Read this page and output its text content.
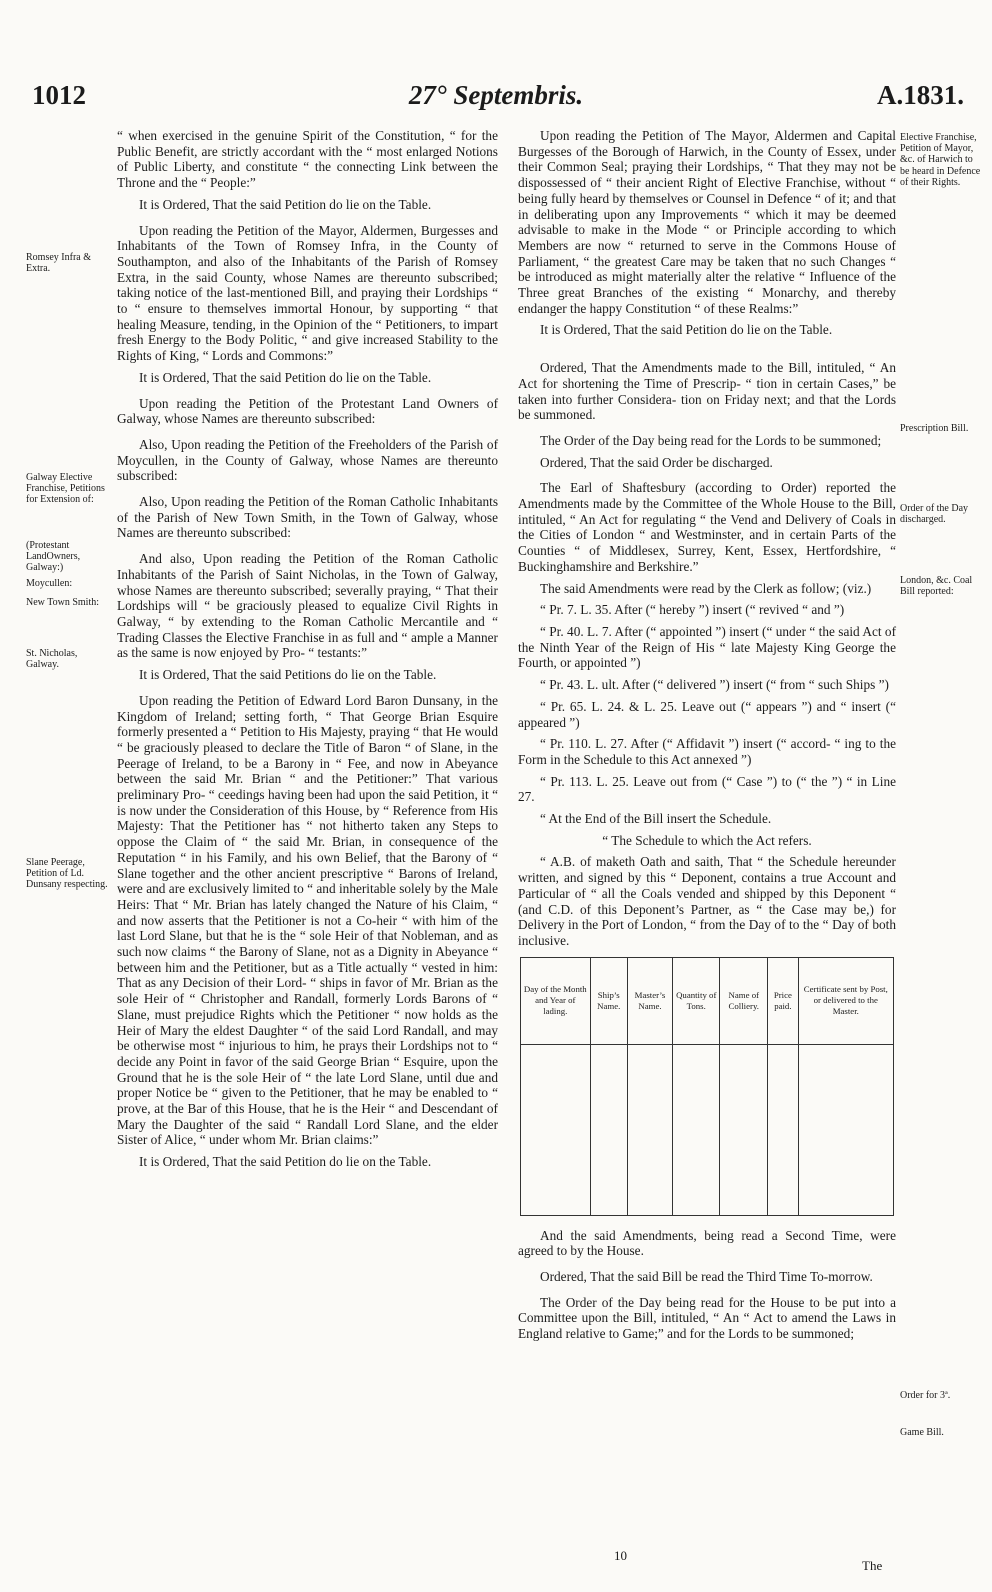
1012	27° Septembris.	A.1831.
Romsey Infra & Extra.
Galway Elective Franchise, Petitions for Extension of:
(Protestant LandOwners, Galway:)
Moycullen:
New Town Smith:
St. Nicholas, Galway.
Slane Peerage, Petition of Ld. Dunsany respecting.
Elective Franchise, Petition of Mayor, &c. of Harwich to be heard in Defence of their Rights.
Prescription Bill.
Order of the Day discharged.
London, &c. Coal Bill reported:
Order for 3ª.
Game Bill.

“ when exercised in the genuine Spirit of the Constitution, “ for the Public Benefit, are strictly accordant with the “ most enlarged Notions of Public Liberty, and constitute “ the connecting Link between the Throne and the “ People:”

It is Ordered, That the said Petition do lie on the Table.

Upon reading the Petition of the Mayor, Aldermen, Burgesses and Inhabitants of the Town of Romsey Infra, in the County of Southampton, and also of the Inhabitants of the Parish of Romsey Extra, in the said County, whose Names are thereunto subscribed; taking notice of the last-mentioned Bill, and praying their Lordships “ to “ ensure to themselves immortal Honour, by supporting “ that healing Measure, tending, in the Opinion of the “ Petitioners, to impart fresh Energy to the Body Politic, “ and give increased Stability to the Rights of King, “ Lords and Commons:”

It is Ordered, That the said Petition do lie on the Table.

Upon reading the Petition of the Protestant Land Owners of Galway, whose Names are thereunto subscribed:

Also, Upon reading the Petition of the Freeholders of the Parish of Moycullen, in the County of Galway, whose Names are thereunto subscribed:

Also, Upon reading the Petition of the Roman Catholic Inhabitants of the Parish of New Town Smith, in the Town of Galway, whose Names are thereunto subscribed:

And also, Upon reading the Petition of the Roman Catholic Inhabitants of the Parish of Saint Nicholas, in the Town of Galway, whose Names are thereunto subscribed; severally praying, “ That their Lordships will “ be graciously pleased to equalize Civil Rights in Galway, “ by extending to the Roman Catholic Mercantile and “ Trading Classes the Elective Franchise in as full and “ ample a Manner as the same is now enjoyed by Pro- “ testants:”

It is Ordered, That the said Petitions do lie on the Table.

Upon reading the Petition of Edward Lord Baron Dunsany, in the Kingdom of Ireland; setting forth, “ That George Brian Esquire formerly presented a “ Petition to His Majesty, praying “ that He would “ be graciously pleased to declare the Title of Baron “ of Slane, in the Peerage of Ireland, to be a Barony in “ Fee, and now in Abeyance between the said Mr. Brian “ and the Petitioner:” That various preliminary Pro- “ ceedings having been had upon the said Petition, it “ is now under the Consideration of this House, by “ Reference from His Majesty: That the Petitioner has “ not hitherto taken any Steps to oppose the Claim of “ the said Mr. Brian, in consequence of the Reputation “ in his Family, and his own Belief, that the Barony of “ Slane together and the other ancient prescriptive “ Barons of Ireland, were and are exclusively limited to “ and inheritable solely by the Male Heirs: That “ Mr. Brian has lately changed the Nature of his Claim, “ and now asserts that the Petitioner is not a Co-heir “ with him of the last Lord Slane, but that he is the “ sole Heir of that Nobleman, and as such now claims “ the Barony of Slane, not as a Dignity in Abeyance “ between him and the Petitioner, but as a Title actually “ vested in him: That as any Decision of their Lord- “ ships in favor of Mr. Brian as the sole Heir of “ Christopher and Randall, formerly Lords Barons of “ Slane, must prejudice Rights which the Petitioner “ now holds as the Heir of Mary the eldest Daughter “ of the said Lord Randall, and may be otherwise most “ injurious to him, he prays their Lordships not to “ decide any Point in favor of the said George Brian “ Esquire, upon the Ground that he is the sole Heir of “ the late Lord Slane, until due and proper Notice be “ given to the Petitioner, that he may be enabled to “ prove, at the Bar of this House, that he is the Heir “ and Descendant of Mary the Daughter of the said “ Randall Lord Slane, and the elder Sister of Alice, “ under whom Mr. Brian claims:”

It is Ordered, That the said Petition do lie on the Table.

Upon reading the Petition of The Mayor, Aldermen and Capital Burgesses of the Borough of Harwich, in the County of Essex, under their Common Seal; praying their Lordships, “ That they may not be dispossessed of “ their ancient Right of Elective Franchise, without “ being fully heard by themselves or Counsel in Defence “ of it; and that in deliberating upon any Improvements “ which it may be deemed advisable to make in the Mode “ or Principle according to which Members are now “ returned to serve in the Commons House of Parliament, “ the greatest Care may be taken that no such Changes “ be introduced as might materially alter the relative “ Influence of the Three great Branches of the existing “ Monarchy, and thereby endanger the happy Constitution “ of these Realms:”

It is Ordered, That the said Petition do lie on the Table.

Ordered, That the Amendments made to the Bill, intituled, “ An Act for shortening the Time of Prescrip- “ tion in certain Cases,” be taken into further Considera- tion on Friday next; and that the Lords be summoned.

The Order of the Day being read for the Lords to be summoned;

Ordered, That the said Order be discharged.

The Earl of Shaftesbury (according to Order) reported the Amendments made by the Committee of the Whole House to the Bill, intituled, “ An Act for regulating “ the Vend and Delivery of Coals in the Cities of London “ and Westminster, and in certain Parts of the Counties “ of Middlesex, Surrey, Kent, Essex, Hertfordshire, “ Buckinghamshire and Berkshire.”

The said Amendments were read by the Clerk as follow; (viz.)

“ Pr. 7. L. 35. After (“ hereby ”) insert (“ revived “ and ”)

“ Pr. 40. L. 7. After (“ appointed ”) insert (“ under “ the said Act of the Ninth Year of the Reign of His “ late Majesty King George the Fourth, or appointed ”)

“ Pr. 43. L. ult. After (“ delivered ”) insert (“ from “ such Ships ”)

“ Pr. 65. L. 24. & L. 25. Leave out (“ appears ”) and “ insert (“ appeared ”)

“ Pr. 110. L. 27. After (“ Affidavit ”) insert (“ accord- “ ing to the Form in the Schedule to this Act annexed ”)

“ Pr. 113. L. 25. Leave out from (“ Case ”) to (“ the ”) “ in Line 27.

“ At the End of the Bill insert the Schedule.

“ The Schedule to which the Act refers.

“ A.B. of maketh Oath and saith, That “ the Schedule hereunder written, and signed by this “ Deponent, contains a true Account and Particular of “ all the Coals vended and shipped by this Deponent “ (and C.D. of this Deponent’s Partner, as “ the Case may be,) for Delivery in the Port of London, “ from the Day of to the “ Day of both inclusive.

Day of the Month and Year of lading.	Ship’s Name.	Master’s Name.	Quantity of Tons.	Name of Colliery.	Price paid.	Certificate sent by Post, or delivered to the Master.

And the said Amendments, being read a Second Time, were agreed to by the House.

Ordered, That the said Bill be read the Third Time To-morrow.

The Order of the Day being read for the House to be put into a Committee upon the Bill, intituled, “ An “ Act to amend the Laws in England relative to Game;” and for the Lords to be summoned;

10
The
